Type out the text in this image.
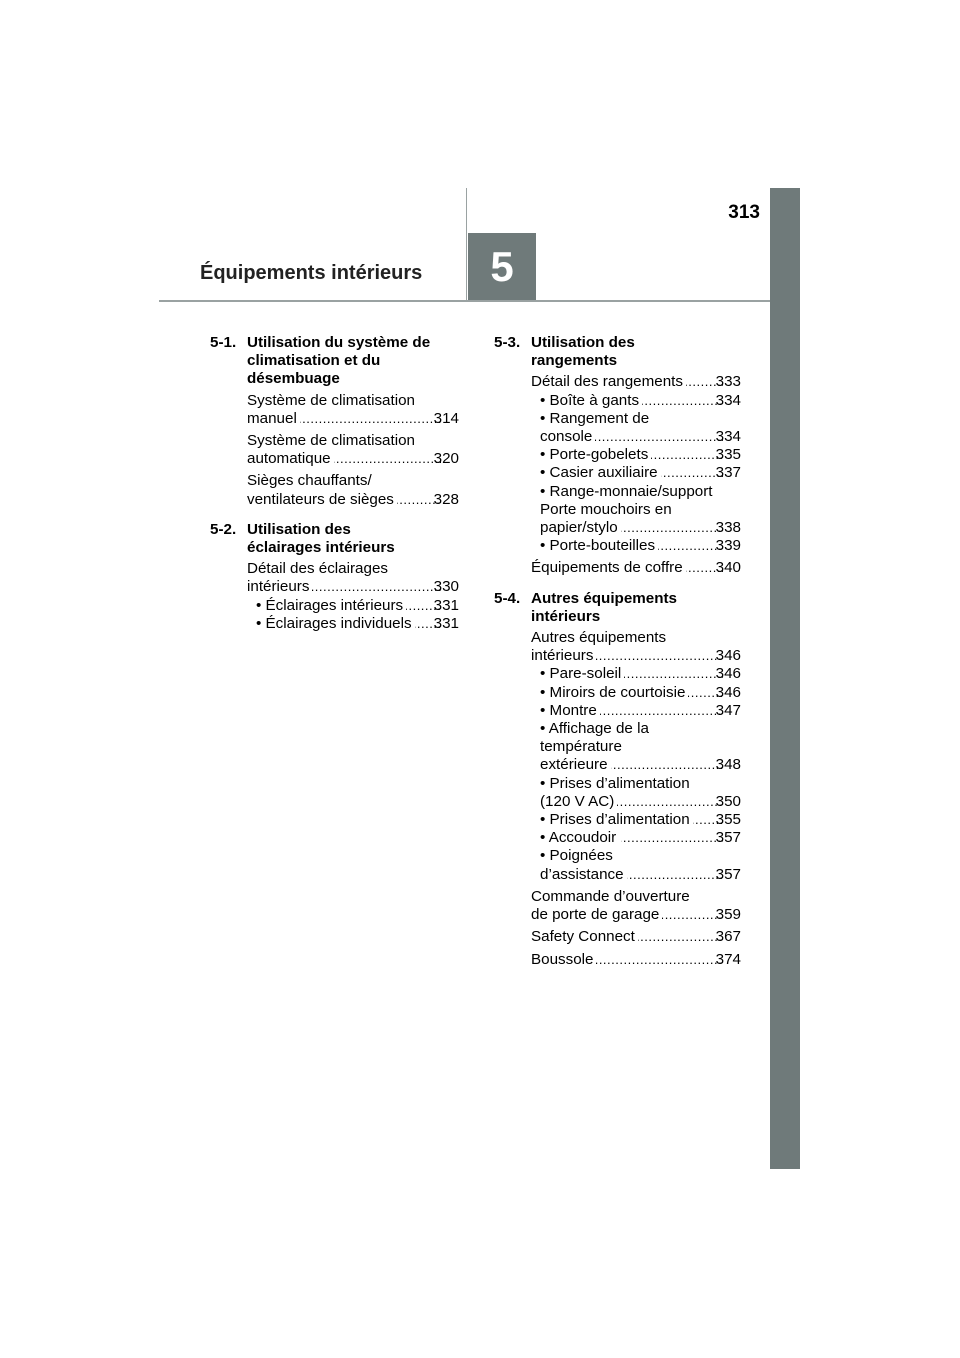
313
Équipements intérieurs	5
5-1. Utilisation du système de
climatisation et du
désembuage
Système de climatisation
manuel .....	314
Système de climatisation
automatique .....	320
Sièges chauffants/
ventilateurs de sièges .....	328
5-2. Utilisation des
éclairages intérieurs
Détail des éclairages
intérieurs .....	330
• Éclairages intérieurs ..... 331
• Éclairages individuels ..... 331
5-3. Utilisation des
rangements
Détail des rangements ..... 333
• Boîte à gants .....	334
• Rangement de
console .....	334
• Porte-gobelets .....	335
• Casier auxiliaire .....	337
• Range-monnaie/support
Porte mouchoirs en
papier/stylo .....	338
• Porte-bouteilles .....	339
Équipements de coffre ..... 340
5-4. Autres équipements
intérieurs
Autres équipements
intérieurs .....	346
• Pare-soleil .....	346
• Miroirs de courtoisie ..... 346
• Montre .....	347
• Affichage de la
température
extérieure .....	348
• Prises d’alimentation
(120 V AC) .....	350
• Prises d’alimentation ..... 355
• Accoudoir .....	357
• Poignées
d’assistance .....	357
Commande d’ouverture
de porte de garage .....	359
Safety Connect .....	367
Boussole .....	374
